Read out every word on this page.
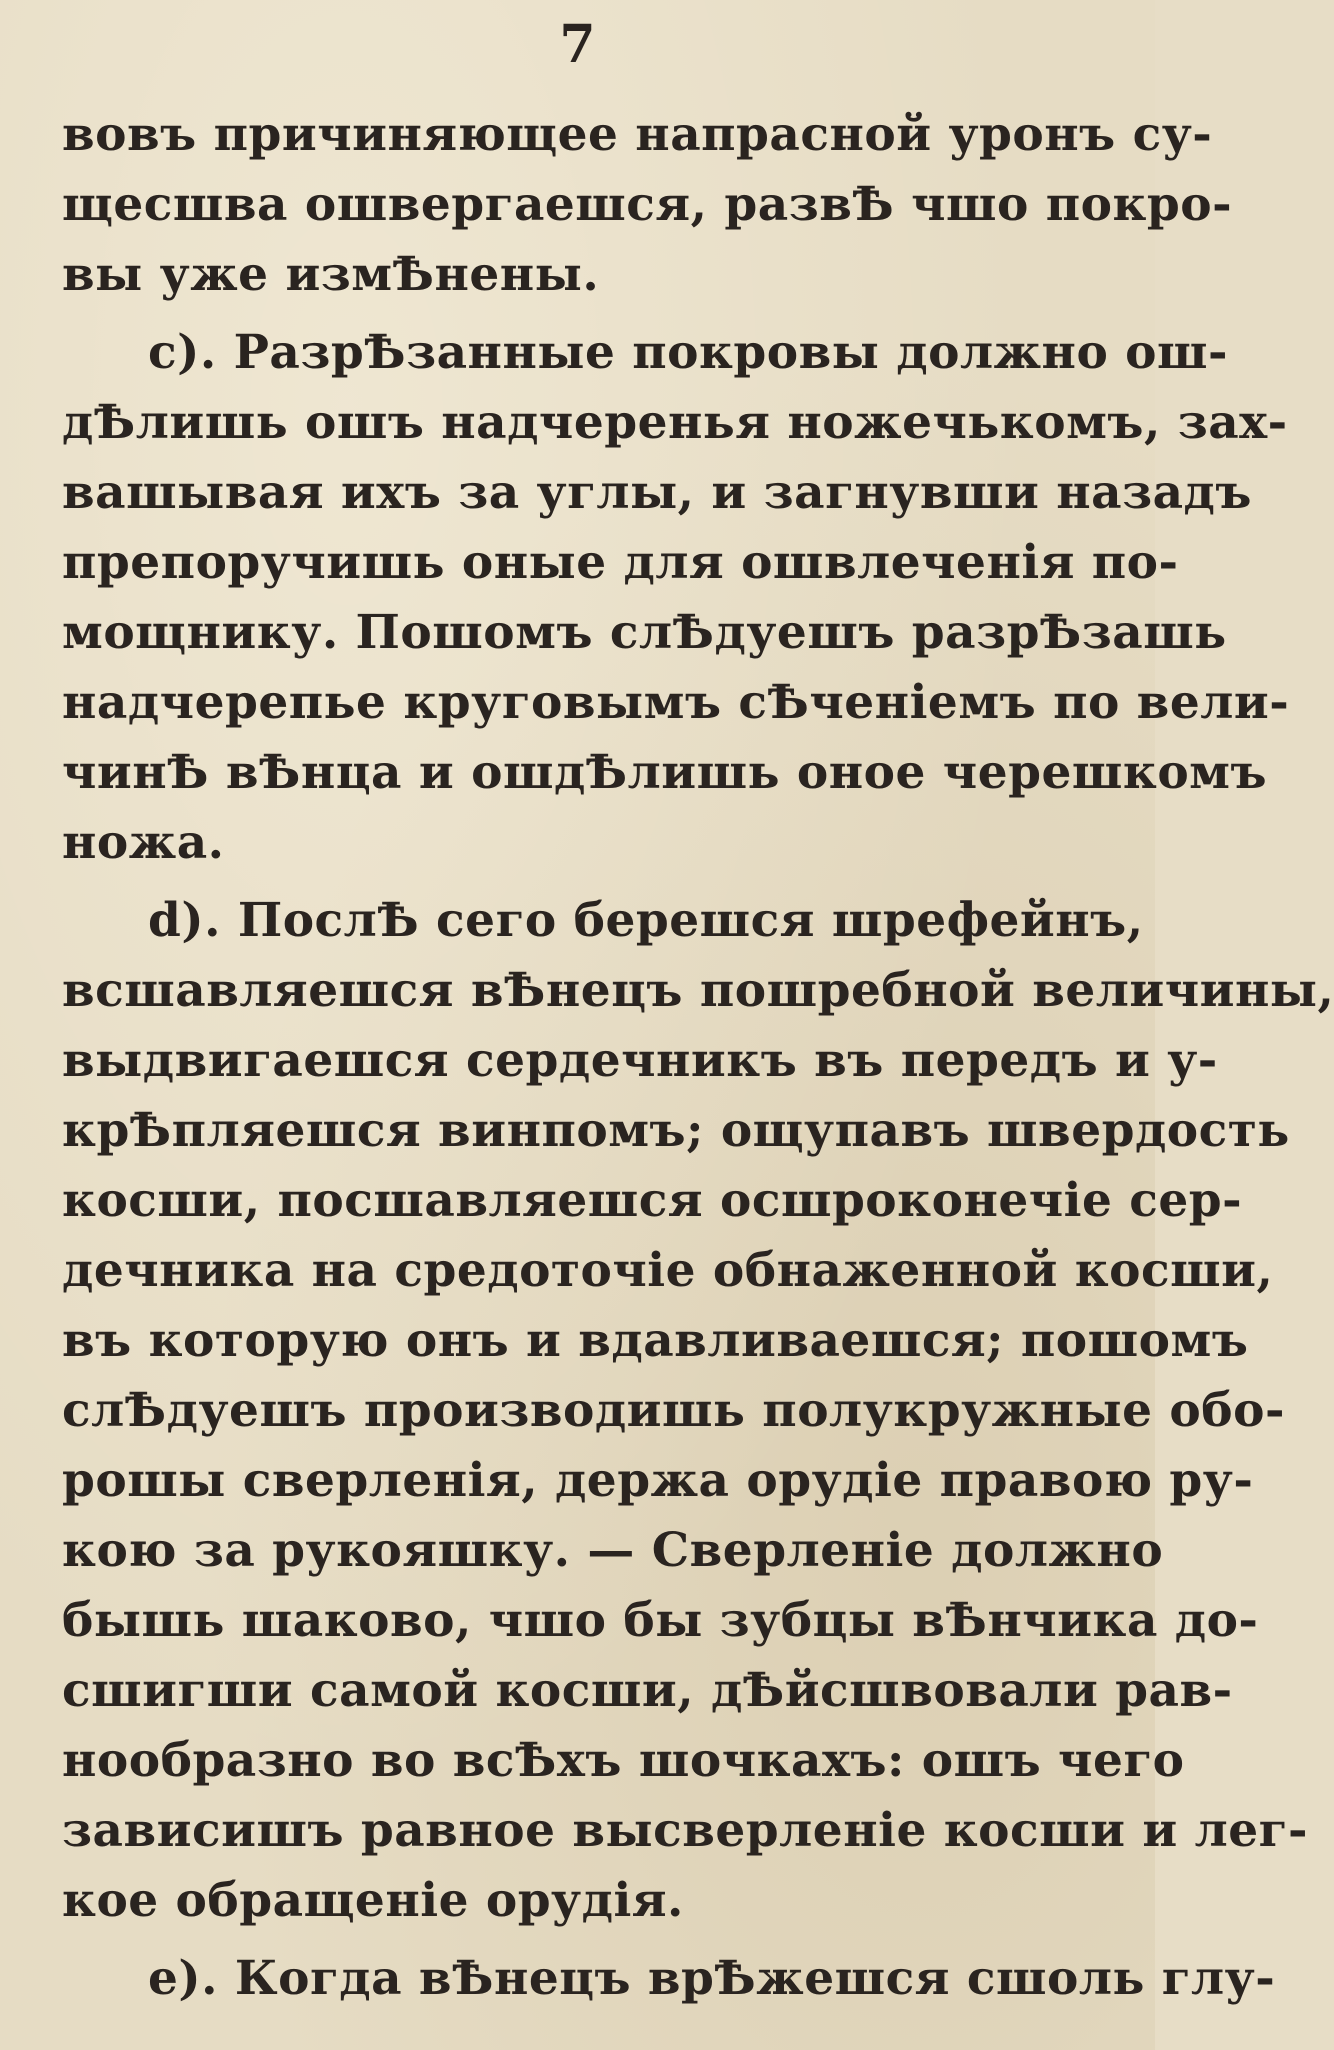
7
вовъ причиняющее напрасной уронъ су-
щесшва ошвергаешся, развѢ чшо покро-
вы уже измѢнены.
c). РазрѢзанные покровы должно ош-
дѢлишь ошъ надчеренья ножечькомъ, зах-
вашывая ихъ за углы, и загнувши назадъ
препоручишь оные для ошвлеченія по-
мощнику. Пошомъ слѢдуешъ разрѢзашь
надчерепье круговымъ сѢченіемъ по вели-
чинѢ вѢнца и ошдѢлишь оное черешкомъ
ножа.
d). ПослѢ сего берешся шрефейнъ,
всшавляешся вѢнецъ пошребной величины,
выдвигаешся сердечникъ въ передъ и у-
крѢпляешся винпомъ; ощупавъ швердость
косши, посшавляешся осшроконечіе сер-
дечника на средоточіе обнаженной косши,
въ которую онъ и вдавливаешся; пошомъ
слѢдуешъ производишь полукружные обо-
рошы сверленія, держа орудіе правою ру-
кою за рукояшку. — Сверленіе должно
бышь шаково, чшо бы зубцы вѢнчика до-
сшигши самой косши, дѢйсшвовали рав-
нообразно во всѢхъ шочкахъ: ошъ чего
зависишъ равное высверленіе косши и лег-
кое обращеніе орудія.
e). Когда вѢнецъ врѢжешся сшоль глу-
